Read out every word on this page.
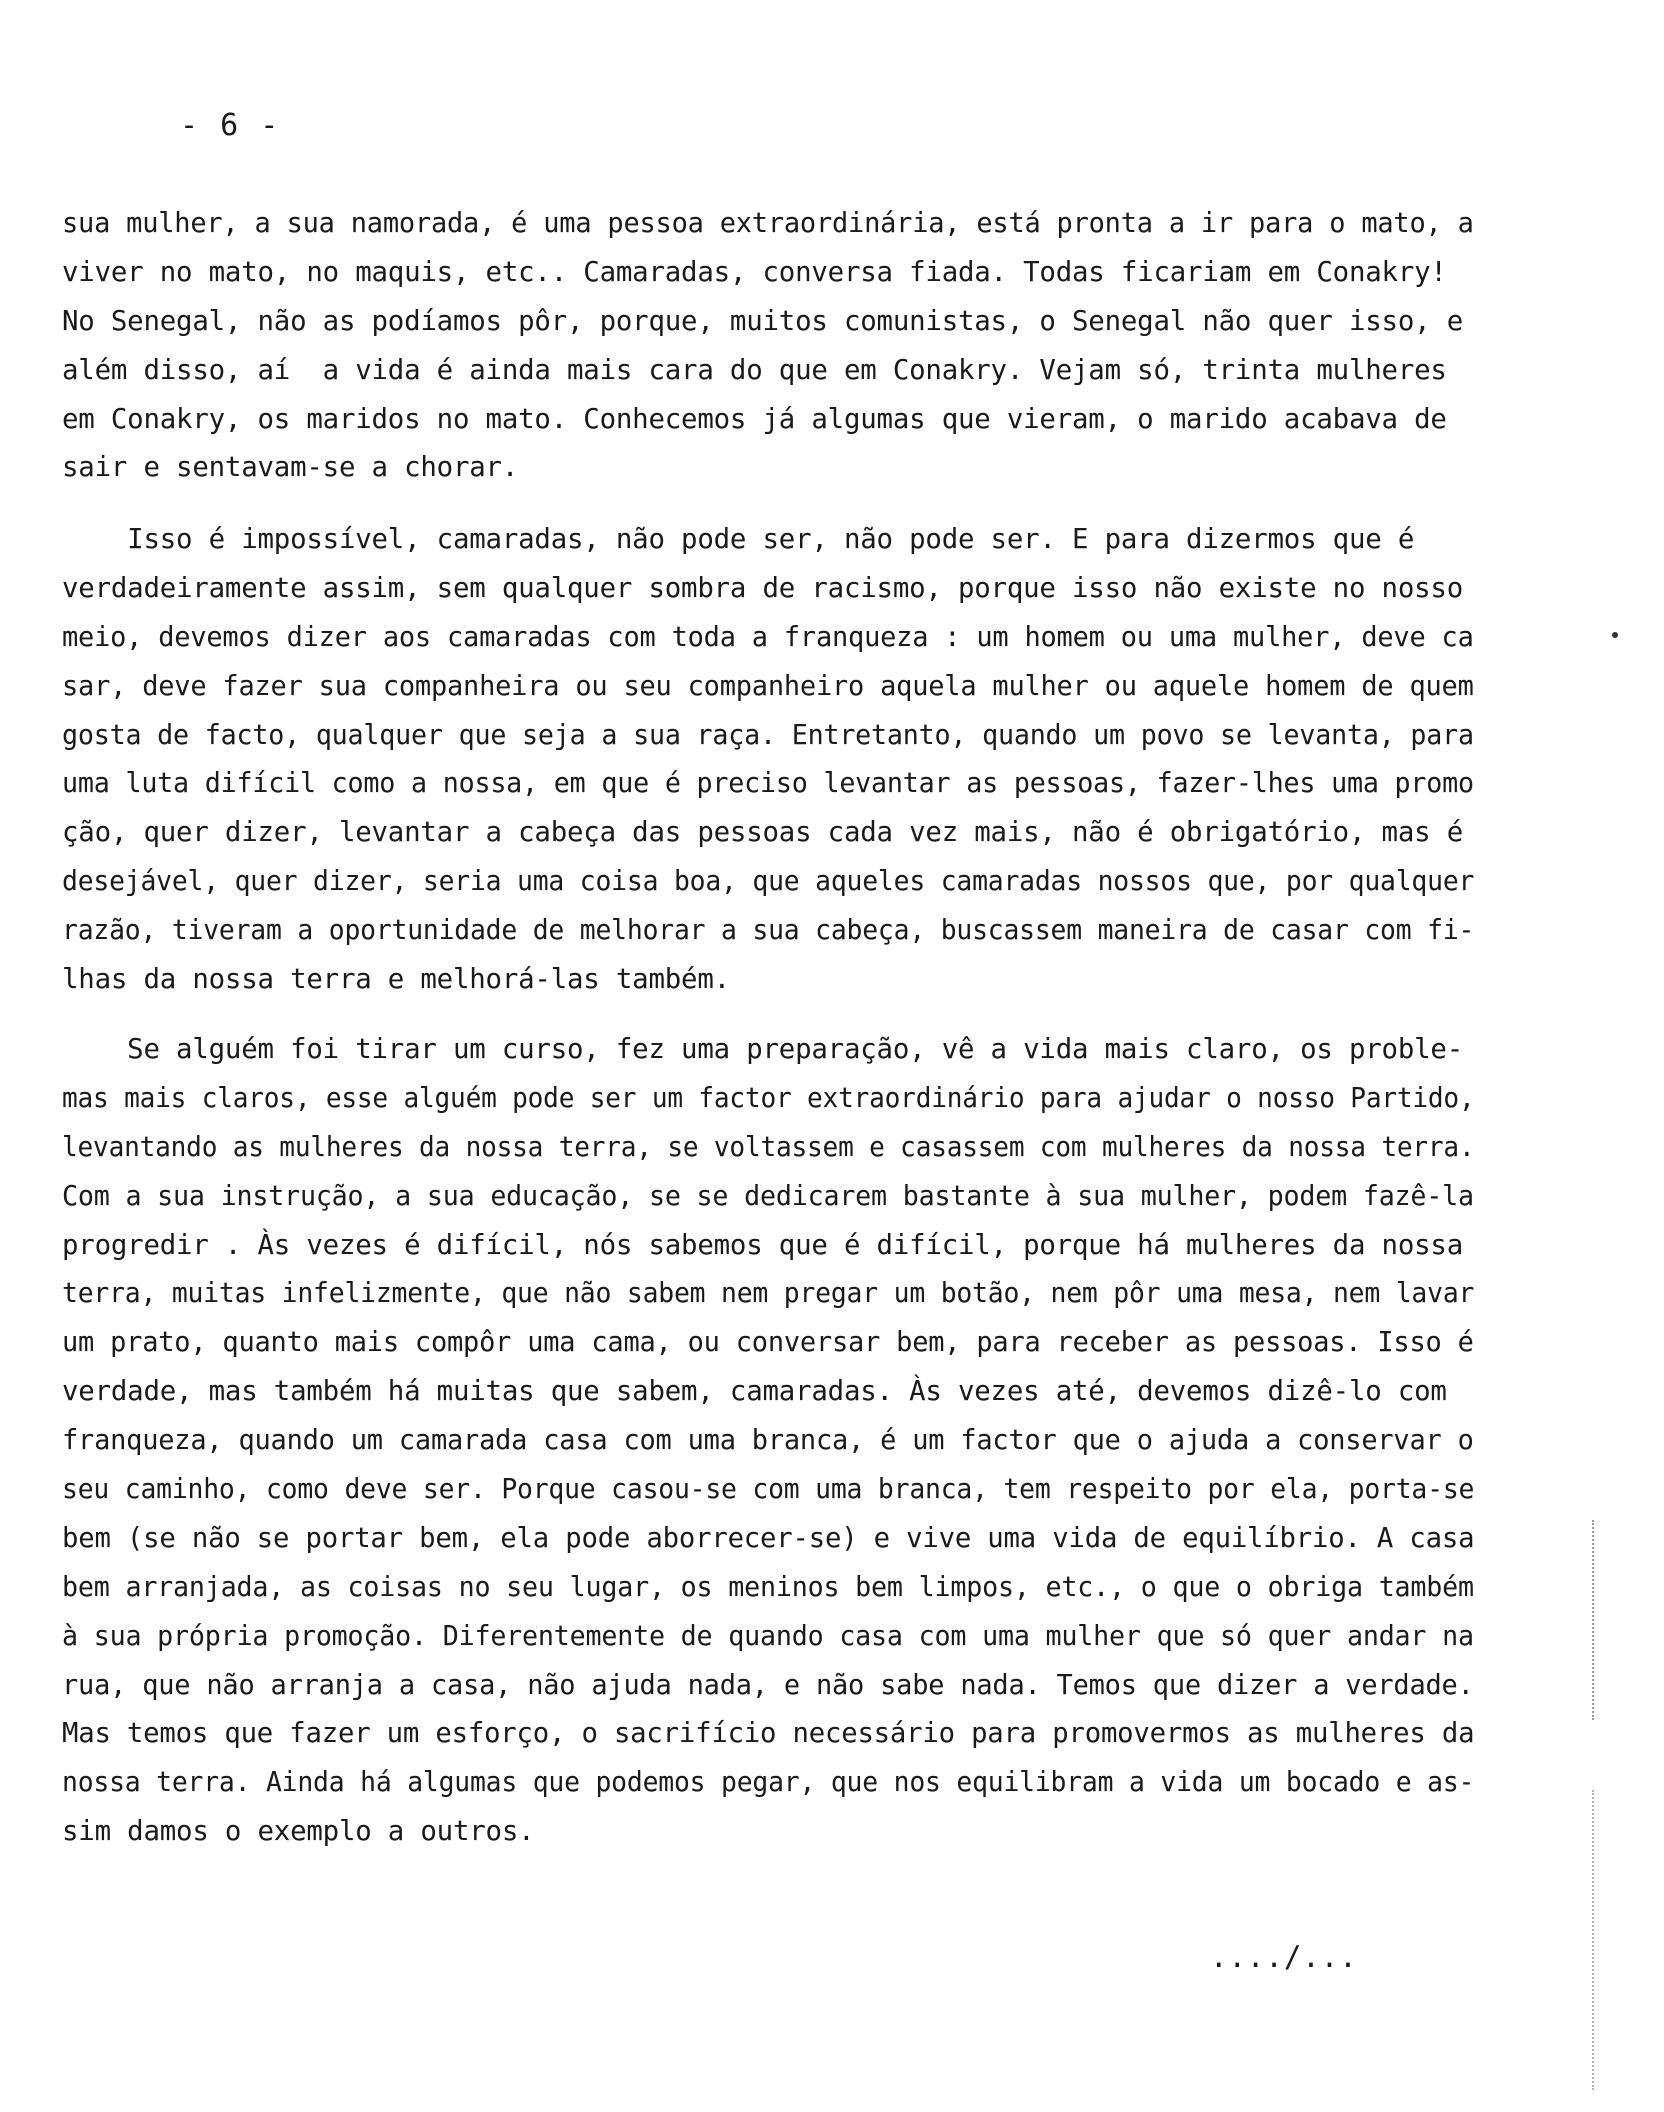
- 6 -
sua mulher, a sua namorada, é uma pessoa extraordinária, está pronta a ir para o mato, a
viver no mato, no maquis, etc.. Camaradas, conversa fiada. Todas ficariam em Conakry!
No Senegal, não as podíamos pôr, porque, muitos comunistas, o Senegal não quer isso, e
além disso, aí  a vida é ainda mais cara do que em Conakry. Vejam só, trinta mulheres
em Conakry, os maridos no mato. Conhecemos já algumas que vieram, o marido acabava de
sair e sentavam-se a chorar.
Isso é impossível, camaradas, não pode ser, não pode ser. E para dizermos que é
verdadeiramente assim, sem qualquer sombra de racismo, porque isso não existe no nosso
meio, devemos dizer aos camaradas com toda a franqueza : um homem ou uma mulher, deve ca
sar, deve fazer sua companheira ou seu companheiro aquela mulher ou aquele homem de quem
gosta de facto, qualquer que seja a sua raça. Entretanto, quando um povo se levanta, para
uma luta difícil como a nossa, em que é preciso levantar as pessoas, fazer-lhes uma promo
ção, quer dizer, levantar a cabeça das pessoas cada vez mais, não é obrigatório, mas é
desejável, quer dizer, seria uma coisa boa, que aqueles camaradas nossos que, por qualquer
razão, tiveram a oportunidade de melhorar a sua cabeça, buscassem maneira de casar com fi-
lhas da nossa terra e melhorá-las também.
Se alguém foi tirar um curso, fez uma preparação, vê a vida mais claro, os proble-
mas mais claros, esse alguém pode ser um factor extraordinário para ajudar o nosso Partido,
levantando as mulheres da nossa terra, se voltassem e casassem com mulheres da nossa terra.
Com a sua instrução, a sua educação, se se dedicarem bastante à sua mulher, podem fazê-la
progredir . Às vezes é difícil, nós sabemos que é difícil, porque há mulheres da nossa
terra, muitas infelizmente, que não sabem nem pregar um botão, nem pôr uma mesa, nem lavar
um prato, quanto mais compôr uma cama, ou conversar bem, para receber as pessoas. Isso é
verdade, mas também há muitas que sabem, camaradas. Às vezes até, devemos dizê-lo com
franqueza, quando um camarada casa com uma branca, é um factor que o ajuda a conservar o
seu caminho, como deve ser. Porque casou-se com uma branca, tem respeito por ela, porta-se
bem (se não se portar bem, ela pode aborrecer-se) e vive uma vida de equilíbrio. A casa
bem arranjada, as coisas no seu lugar, os meninos bem limpos, etc., o que o obriga também
à sua própria promoção. Diferentemente de quando casa com uma mulher que só quer andar na
rua, que não arranja a casa, não ajuda nada, e não sabe nada. Temos que dizer a verdade.
Mas temos que fazer um esforço, o sacrifício necessário para promovermos as mulheres da
nossa terra. Ainda há algumas que podemos pegar, que nos equilibram a vida um bocado e as-
sim damos o exemplo a outros.
..../...
